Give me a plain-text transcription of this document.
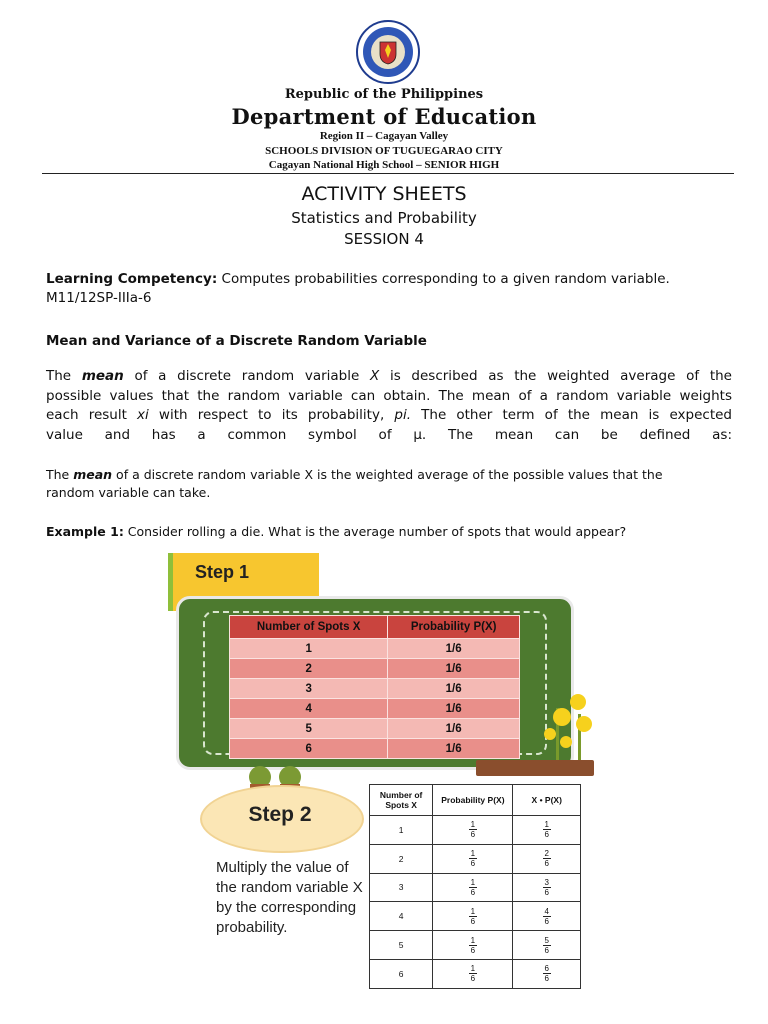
Republic of the Philippines
Department of Education
Region II – Cagayan Valley
SCHOOLS DIVISION OF TUGUEGARAO CITY
Cagayan National High School – SENIOR HIGH
ACTIVITY SHEETS
Statistics and Probability
SESSION 4
Learning Competency: Computes probabilities corresponding to a given random variable.
M11/12SP-IIIa-6
Mean and Variance of a Discrete Random Variable
The mean of a discrete random variable X is described as the weighted average of the
possible values that the random variable can obtain. The mean of a random variable weights
each result xi with respect to its probability, pi. The other term of the mean is expected
value and has a common symbol of μ. The mean can be defined as:
The mean of a discrete random variable X is the weighted average of the possible values that the
random variable can take.
Example 1: Consider rolling a die. What is the average number of spots that would appear?
Step 1
Number of Spots X	Probability P(X)
1	1/6
2	1/6
3	1/6
4	1/6
5	1/6
6	1/6
Step 2
Multiply the value of the random variable X by the corresponding probability.
Number of Spots X	Probability P(X)	X • P(X)
1	$\frac{1}{6}$	$\frac{1}{6}$

2	$\frac{1}{6}$	$\frac{2}{6}$

3	$\frac{1}{6}$	$\frac{3}{6}$

4	$\frac{1}{6}$	$\frac{4}{6}$

5	$\frac{1}{6}$	$\frac{5}{6}$

6	$\frac{1}{6}$	$\frac{6}{6}$
